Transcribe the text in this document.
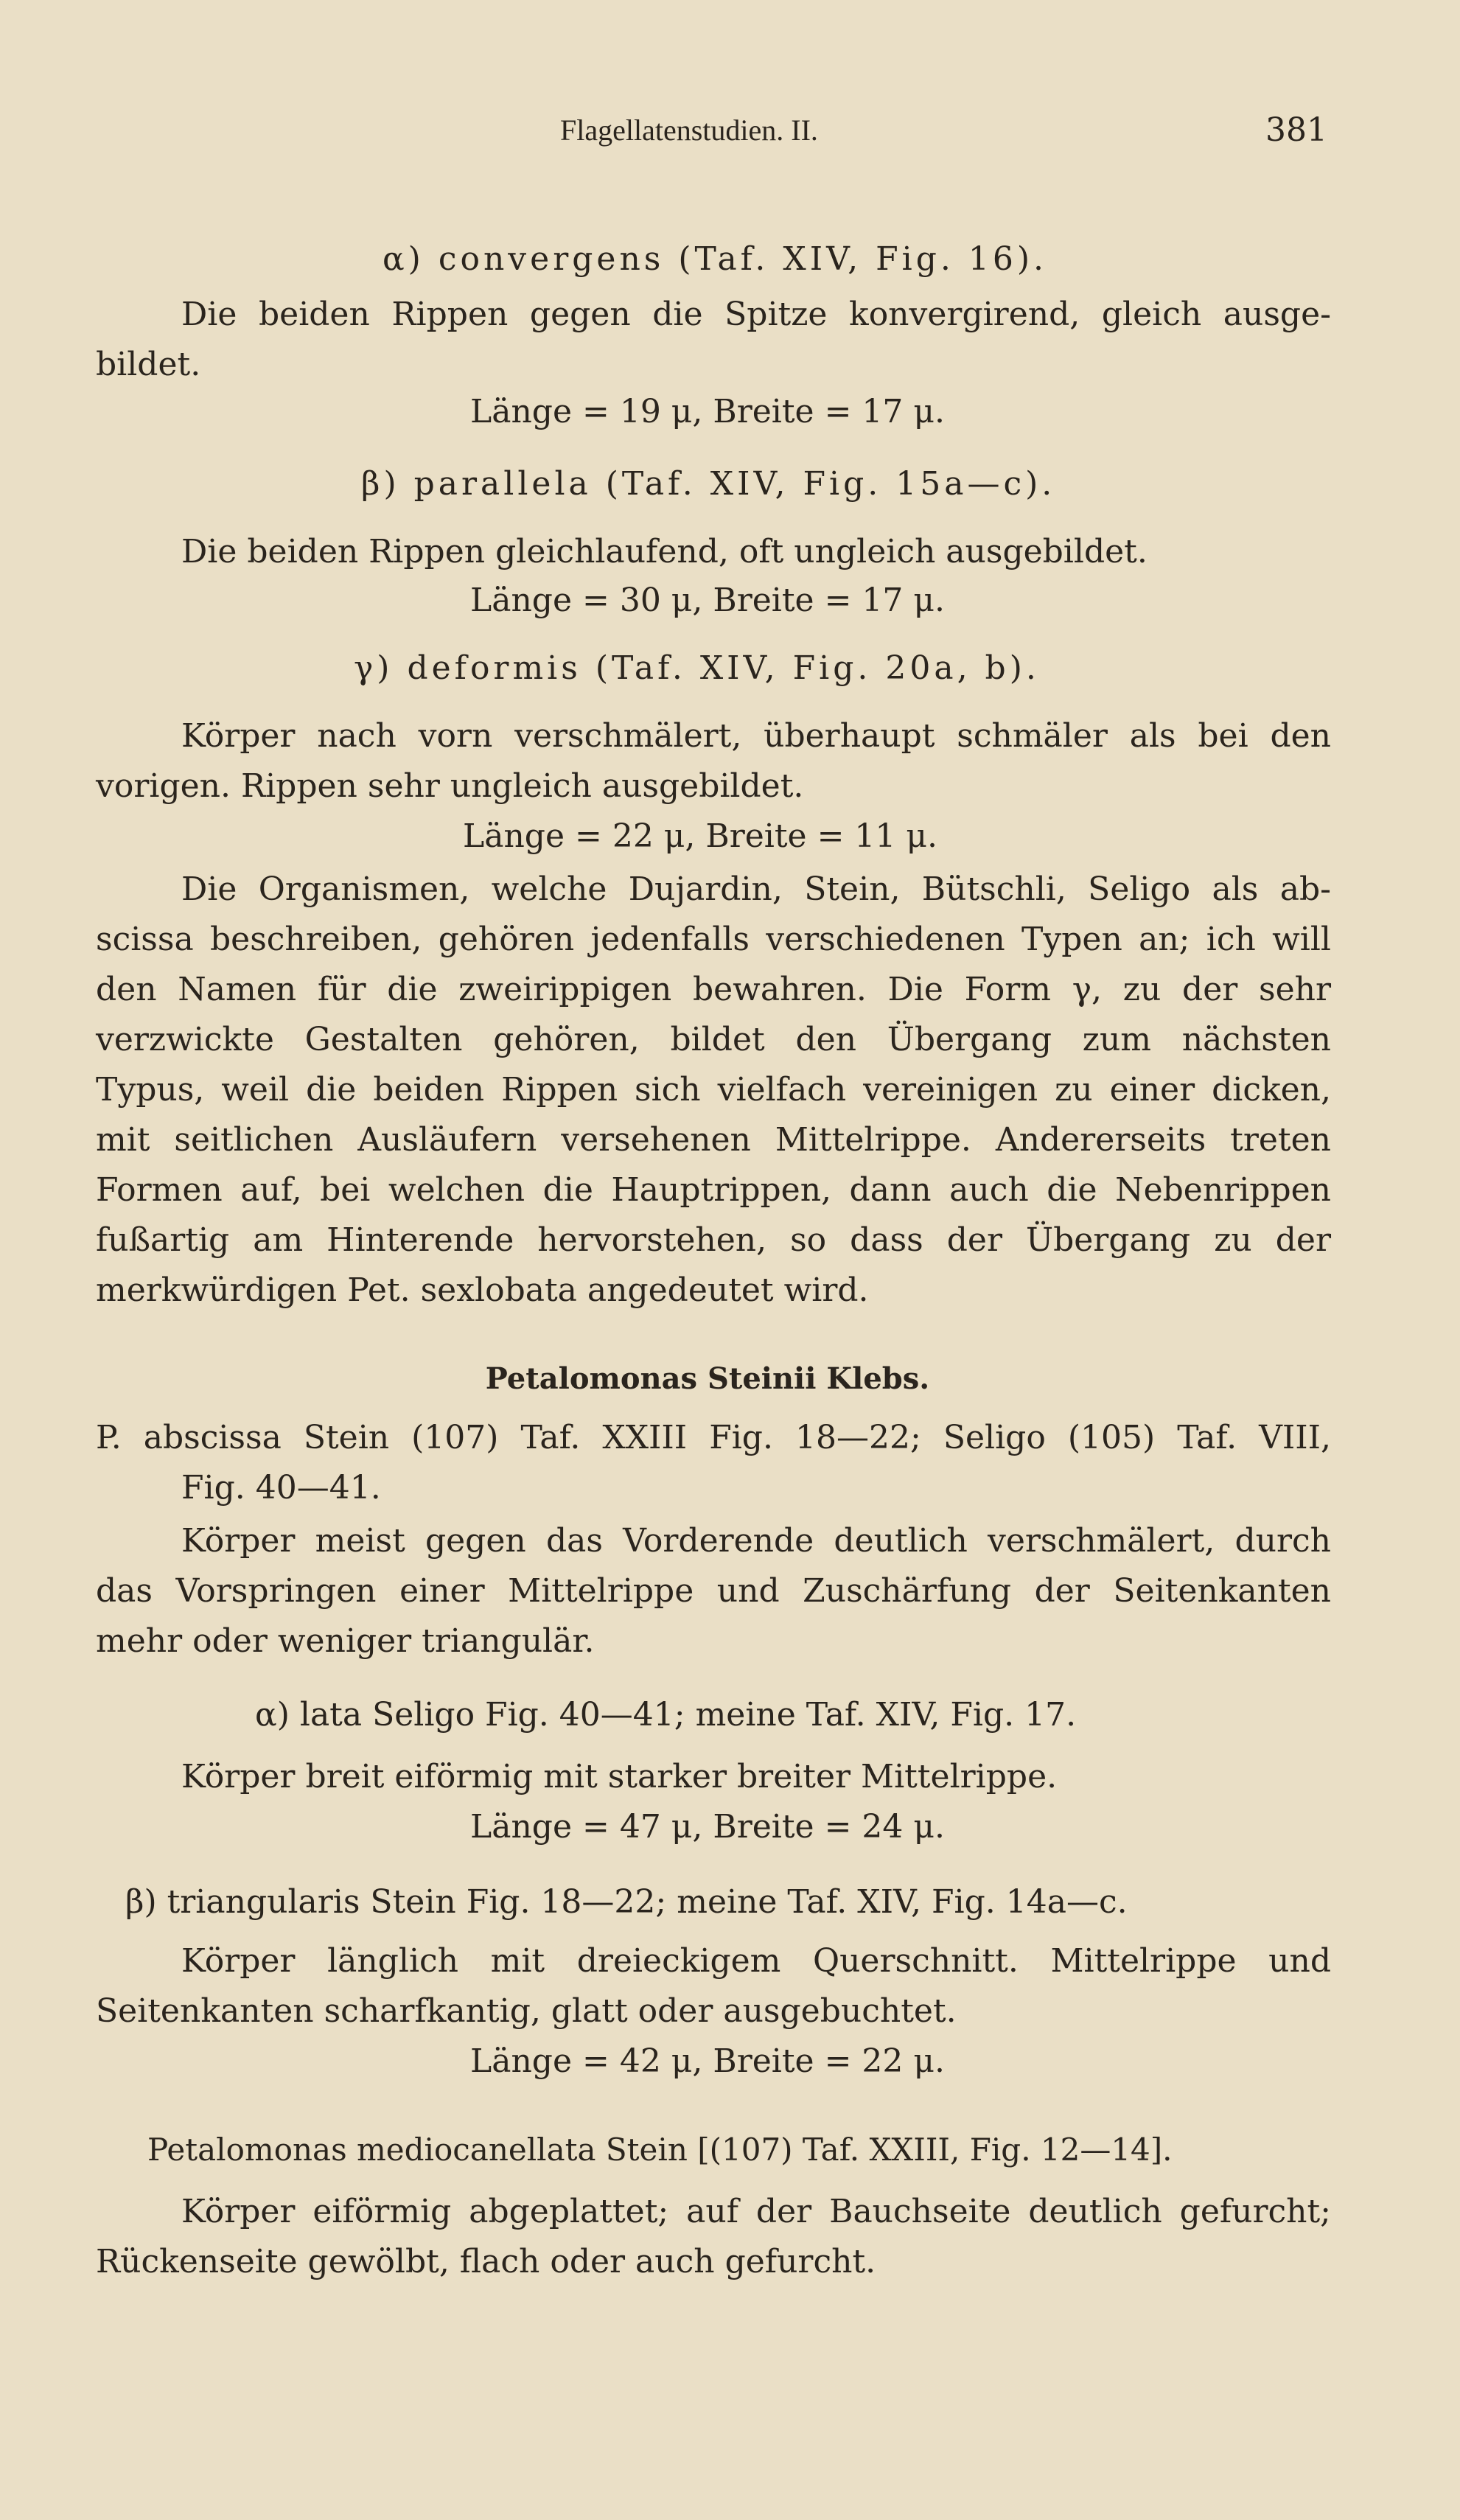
Flagellatenstudien. II.	381
α) convergens (Taf. XIV, Fig. 16).
Die beiden Rippen gegen die Spitze konvergirend, gleich ausge-
bildet.
Länge = 19 μ, Breite = 17 μ.
β) parallela (Taf. XIV, Fig. 15a—c).
Die beiden Rippen gleichlaufend, oft ungleich ausgebildet.
Länge = 30 μ, Breite = 17 μ.
γ) deformis (Taf. XIV, Fig. 20a, b).
Körper nach vorn verschmälert, überhaupt schmäler als bei den
vorigen. Rippen sehr ungleich ausgebildet.
Länge = 22 μ, Breite = 11 μ.
Die Organismen, welche Dujardin, Stein, Bütschli, Seligo als ab-
scissa beschreiben, gehören jedenfalls verschiedenen Typen an; ich will
den Namen für die zweirippigen bewahren. Die Form γ, zu der sehr
verzwickte Gestalten gehören, bildet den Übergang zum nächsten
Typus, weil die beiden Rippen sich vielfach vereinigen zu einer dicken,
mit seitlichen Ausläufern versehenen Mittelrippe. Andererseits treten
Formen auf, bei welchen die Hauptrippen, dann auch die Nebenrippen
fußartig am Hinterende hervorstehen, so dass der Übergang zu der
merkwürdigen Pet. sexlobata angedeutet wird.
Petalomonas Steinii Klebs.
P. abscissa Stein (107) Taf. XXIII Fig. 18—22; Seligo (105) Taf. VIII,
Fig. 40—41.
Körper meist gegen das Vorderende deutlich verschmälert, durch
das Vorspringen einer Mittelrippe und Zuschärfung der Seitenkanten
mehr oder weniger triangulär.
α) lata Seligo Fig. 40—41; meine Taf. XIV, Fig. 17.
Körper breit eiförmig mit starker breiter Mittelrippe.
Länge = 47 μ, Breite = 24 μ.
β) triangularis Stein Fig. 18—22; meine Taf. XIV, Fig. 14a—c.
Körper länglich mit dreieckigem Querschnitt. Mittelrippe und
Seitenkanten scharfkantig, glatt oder ausgebuchtet.
Länge = 42 μ, Breite = 22 μ.
Petalomonas mediocanellata Stein [(107) Taf. XXIII, Fig. 12—14].
Körper eiförmig abgeplattet; auf der Bauchseite deutlich gefurcht;
Rückenseite gewölbt, flach oder auch gefurcht.
